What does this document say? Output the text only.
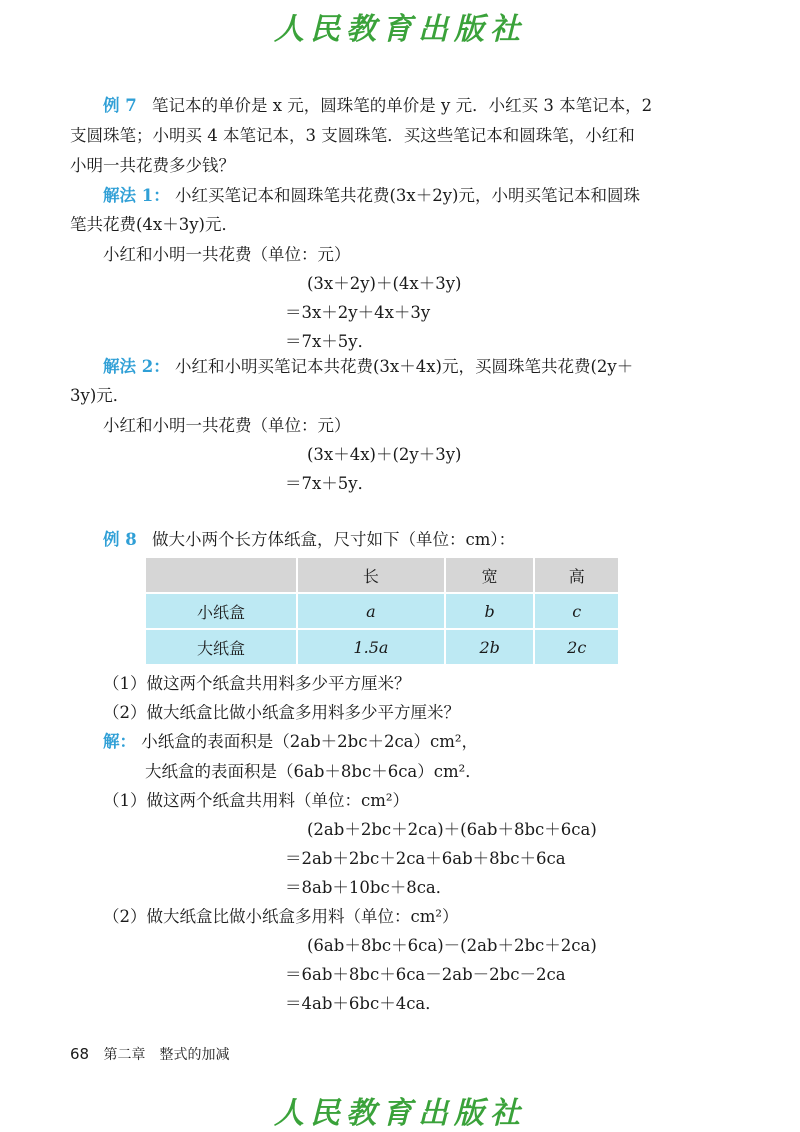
人民教育出版社
例 7 笔记本的单价是 x 元，圆珠笔的单价是 y 元．小红买 3 本笔记本，2
支圆珠笔；小明买 4 本笔记本，3 支圆珠笔．买这些笔记本和圆珠笔，小红和
小明一共花费多少钱？
解法 1： 小红买笔记本和圆珠笔共花费(3x＋2y)元，小明买笔记本和圆珠
笔共花费(4x＋3y)元．
小红和小明一共花费（单位：元）
(3x＋2y)＋(4x＋3y)
＝3x＋2y＋4x＋3y
＝7x＋5y．
解法 2： 小红和小明买笔记本共花费(3x＋4x)元，买圆珠笔共花费(2y＋
3y)元．
小红和小明一共花费（单位：元）
(3x＋4x)＋(2y＋3y)
＝7x＋5y．
例 8 做大小两个长方体纸盒，尺寸如下（单位：cm）：
	长	宽	高
小纸盒	a	b	c
大纸盒	1.5a	2b	2c
（1）做这两个纸盒共用料多少平方厘米？
（2）做大纸盒比做小纸盒多用料多少平方厘米？
解： 小纸盒的表面积是（2ab＋2bc＋2ca）cm²，
大纸盒的表面积是（6ab＋8bc＋6ca）cm²．
（1）做这两个纸盒共用料（单位：cm²）
(2ab＋2bc＋2ca)＋(6ab＋8bc＋6ca)
＝2ab＋2bc＋2ca＋6ab＋8bc＋6ca
＝8ab＋10bc＋8ca．
（2）做大纸盒比做小纸盒多用料（单位：cm²）
(6ab＋8bc＋6ca)－(2ab＋2bc＋2ca)
＝6ab＋8bc＋6ca－2ab－2bc－2ca
＝4ab＋6bc＋4ca．
68 第二章　整式的加减
人民教育出版社
